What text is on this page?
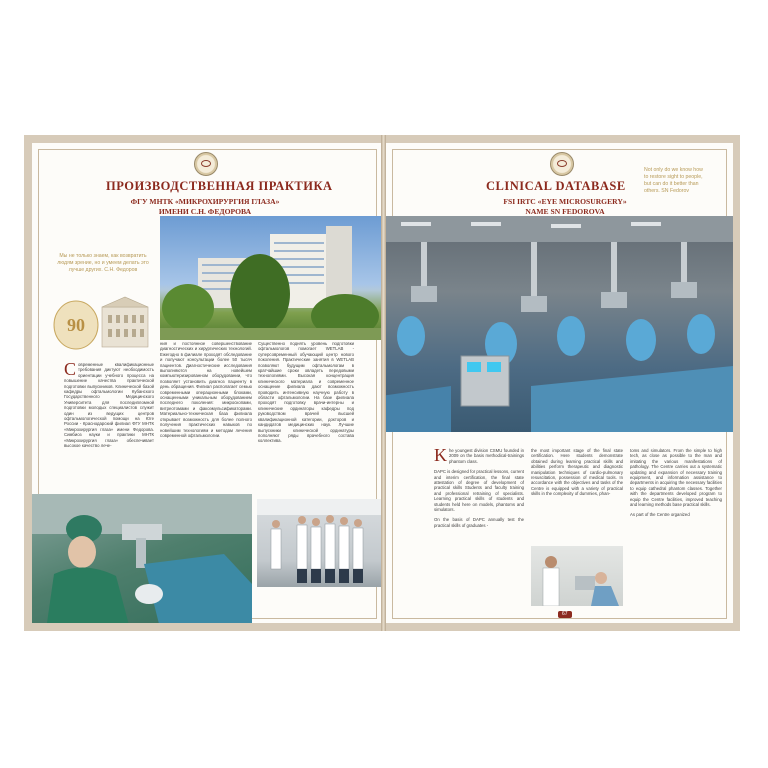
ПРОИЗВОДСТВЕННАЯ ПРАКТИКА
ФГУ МНТК «МИКРОХИРУРГИЯ ГЛАЗА»
ИМЕНИ С.Н. ФЕДОРОВА
Мы не только знаем, как возвратить людям зрение, но и умеем делать это лучше других. С.Н. Федоров
90
Современные квалификационные требования диктуют необходимость ориентации учебного процесса на повышение качества практической подготовки выпускников. Клинической базой кафедры офтальмологии Кубанского Государственного Медицинского Университета для последипломной подготовки молодых специалистов служит один из ведущих центров офтальмологической помощи на Юге России - Краснодарский филиал ФГУ МНТК «Микрохирургия глаза» имени Федорова. Симбиоз науки и практики МНТК «Микрохирургия глаза» обеспечивает высокое качество лече-
ния и постоянное совершенствование диагностических и хирургических технологий. Ежегодно в филиале проходят обследование и получают консультации более 50 тысяч пациентов. Диагностические исследования выполняются на новейшем компьютеризированном оборудовании, что позволяет установить диагноз пациенту в день обращения. Филиал располагает семью современными операционными блоками, оснащенными уникальным оборудованием последнего поколения: микроскопами, витреотомами и факоэмульсификаторами. Материально-техническая база филиала открывает возможность для более полного получения практических навыков по новейшим технологиям и методам лечения современной офтальмологии.
Существенно поднять уровень подготовки офтальмологов помогает WETLAB - суперсовременный обучающий центр нового поколения. Практические занятия в WETLAB позволяют будущим офтальмологам в кратчайшие сроки овладеть передовыми технологиями. Высокая концентрация клинического материала и современное оснащение филиала дают возможность проводить интенсивную научную работу в области офтальмологии. На базе филиала проходят подготовку врачи-интерны и клинические ординаторы кафедры под руководством врачей высшей квалификационной категории, докторов и кандидатов медицинских наук. Лучшие выпускники клинической ординатуры пополняют ряды врачебного состава коллектива.
CLINICAL DATABASE
FSI IRTC «EYE MICROSURGERY»
NAME SN FEDOROVA
Not only do we know how to restore sight to people, but can do it better than others. SN Fedorov
Khe youngest division CSMU founded in 2009 on the basis methodical-trainings phantom class.
DAPC is designed for practical lessons, current and interim certification, the final state attestation of degree of development of practical skills Students and faculty training and professional retraining of specialists. Learning practical skills of students and students held here on models, phantoms and simulators.
On the basis of DAPC annually test the practical skills of graduates -
the most important stage of the final state certification. Here students demonstrate obtained during learning practical skills and abilities perform therapeutic and diagnostic manipulation techniques of cardio-pulmonary resuscitation, possession of medical tools. In accordance with the objectives and tasks of the Centre is equipped with a variety of practical skills in the complexity of dummies, phan-
toms and simulators. From the simple to high tech, as close as possible to the man and imitating the various manifestations of pathology. The Centre carries out a systematic updating and expansion of necessary training equipment, and information assistance to departments in acquiring the necessary facilities to equip cathedral phantom classes. Together with the departments developed program to equip the Centre facilities, improved teaching and learning methods base practical skills.
As part of the Centre organized
67
